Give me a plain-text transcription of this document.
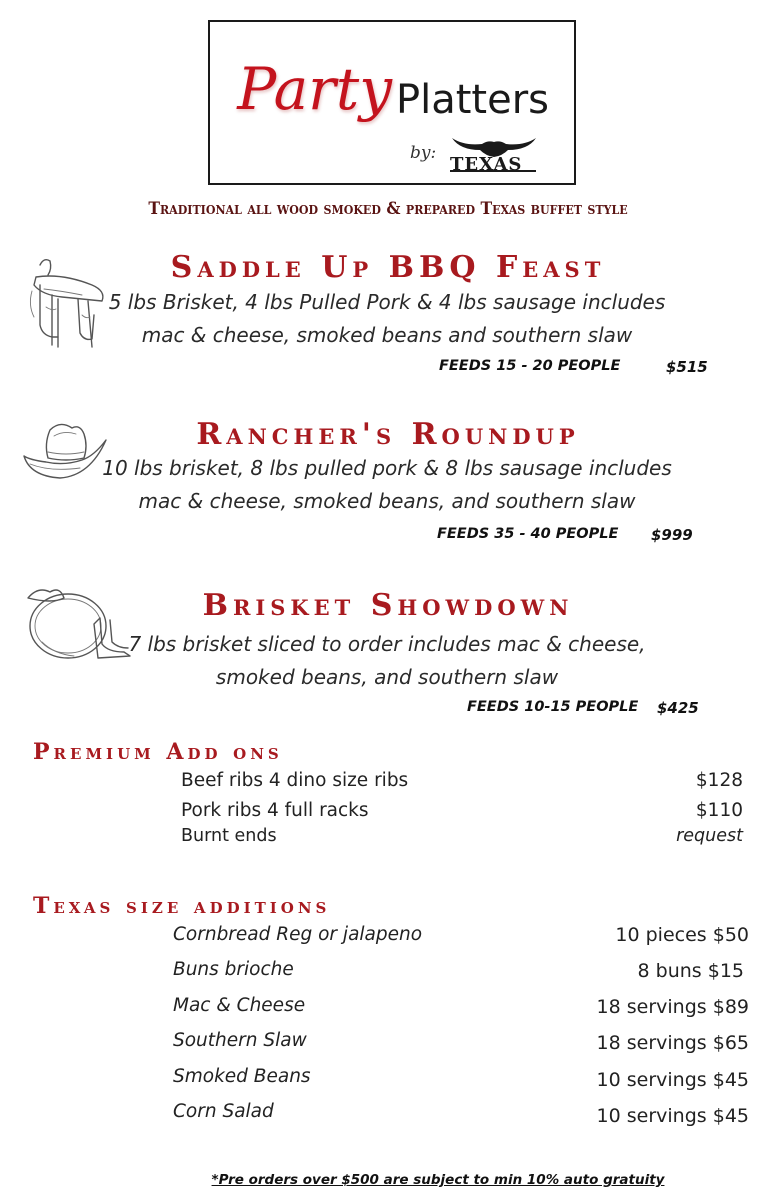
Party Platters
by:
TEXAS
Traditional all wood smoked & prepared Texas buffet style
Saddle Up BBQ Feast
5 lbs Brisket, 4 lbs Pulled Pork & 4 lbs sausage includes
mac & cheese, smoked beans and southern slaw
FEEDS 15 - 20 PEOPLE	$515
Rancher's Roundup
10 lbs brisket, 8 lbs pulled pork & 8 lbs sausage includes
mac & cheese, smoked beans, and southern slaw
FEEDS 35 - 40 PEOPLE $999
Brisket Showdown
7 lbs brisket sliced to order includes mac & cheese,
smoked beans, and southern slaw
FEEDS 10-15 PEOPLE $425
Premium Add ons
Beef ribs 4 dino size ribs	$128
Pork ribs 4 full racks	$110
Burnt ends	request
Texas size additions
Cornbread Reg or jalapeno	10 pieces $50
Buns brioche	8 buns $15
Mac & Cheese	18 servings $89
Southern Slaw	18 servings $65
Smoked Beans	10 servings $45
Corn Salad	10 servings $45
*Pre orders over $500 are subject to min 10% auto gratuity
